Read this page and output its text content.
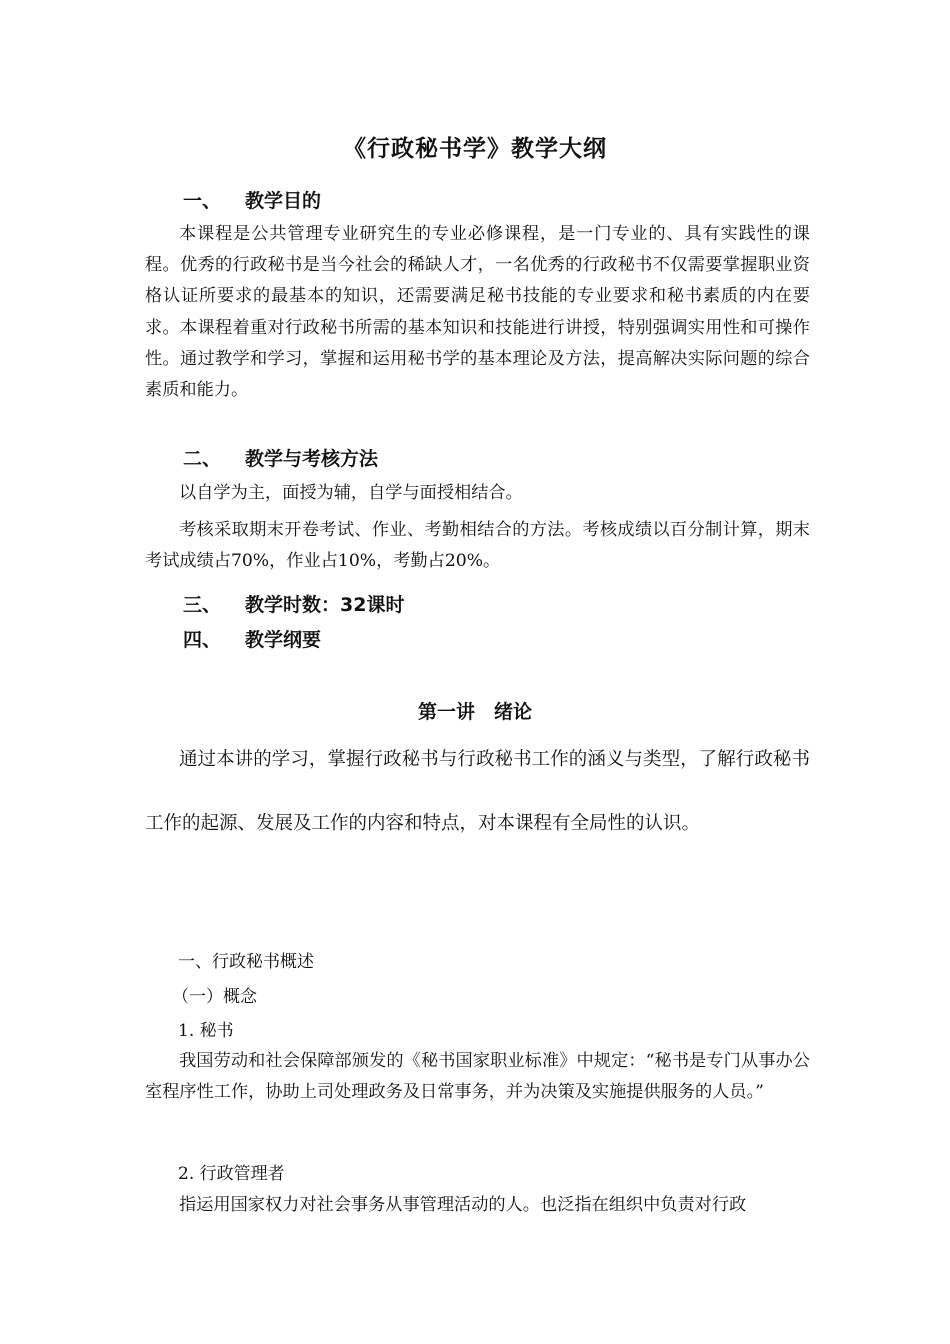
《行政秘书学》教学大纲
一、 教学目的
本课程是公共管理专业研究生的专业必修课程，是一门专业的、具有实践性的课程。优秀的行政秘书是当今社会的稀缺人才，一名优秀的行政秘书不仅需要掌握职业资格认证所要求的最基本的知识，还需要满足秘书技能的专业要求和秘书素质的内在要求。本课程着重对行政秘书所需的基本知识和技能进行讲授，特别强调实用性和可操作性。通过教学和学习，掌握和运用秘书学的基本理论及方法，提高解决实际问题的综合素质和能力。
二、 教学与考核方法
以自学为主，面授为辅，自学与面授相结合。
考核采取期末开卷考试、作业、考勤相结合的方法。考核成绩以百分制计算，期末考试成绩占70%，作业占10%，考勤占20%。
三、 教学时数：32课时
四、 教学纲要
第一讲　绪论
通过本讲的学习，掌握行政秘书与行政秘书工作的涵义与类型，了解行政秘书工作的起源、发展及工作的内容和特点，对本课程有全局性的认识。
一、行政秘书概述
（一）概念
1. 秘书
我国劳动和社会保障部颁发的《秘书国家职业标准》中规定：“秘书是专门从事办公室程序性工作，协助上司处理政务及日常事务，并为决策及实施提供服务的人员。”
2. 行政管理者
指运用国家权力对社会事务从事管理活动的人。也泛指在组织中负责对行政
